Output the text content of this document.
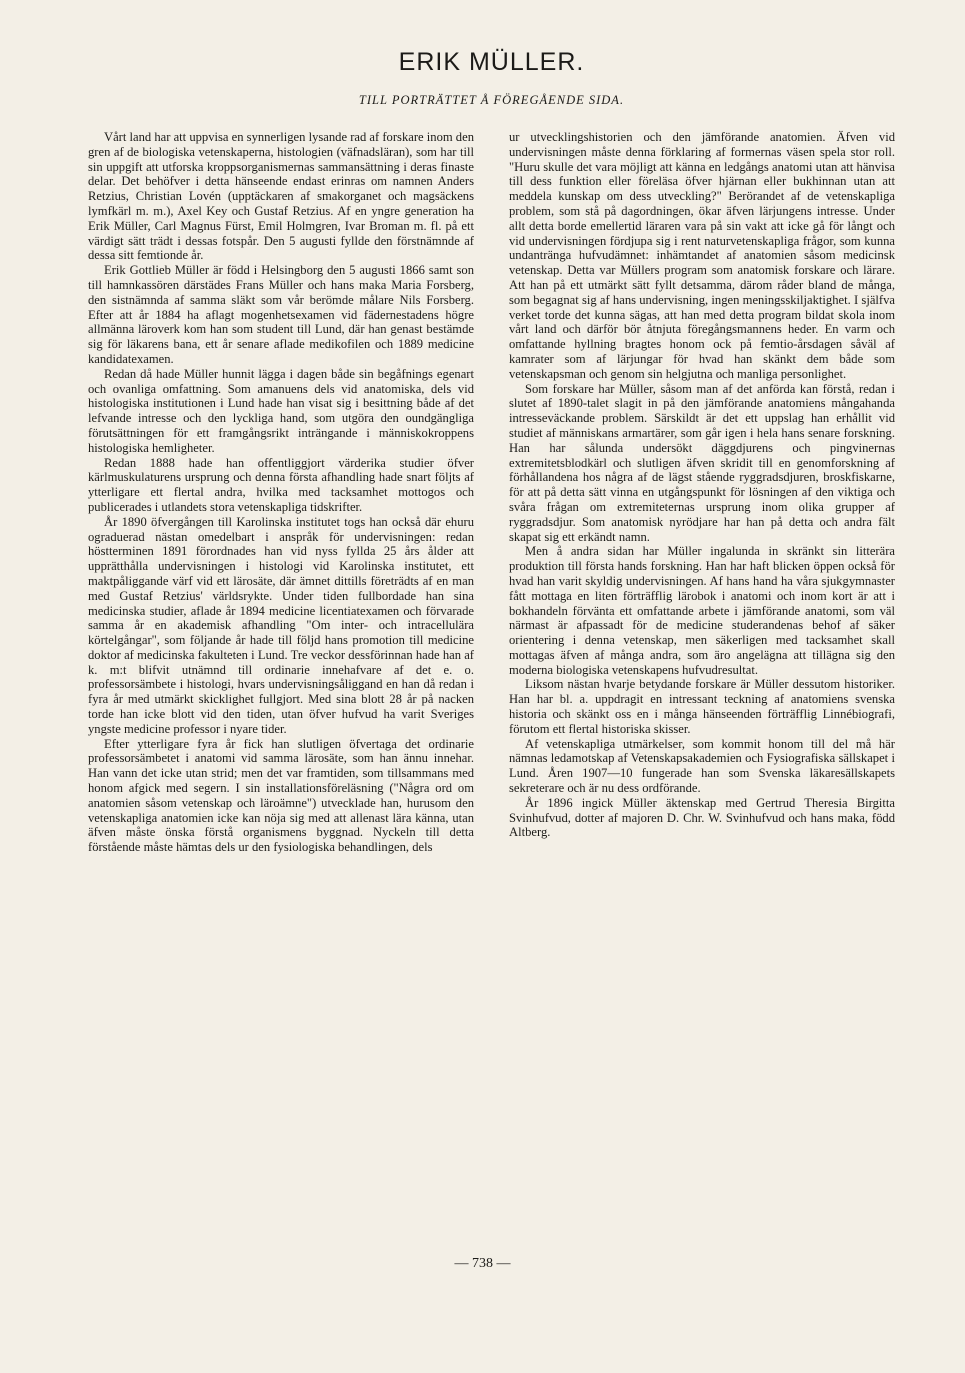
ERIK MÜLLER.
TILL PORTRÄTTET Å FÖREGÅENDE SIDA.

Vårt land har att uppvisa en synnerligen lysande rad af forskare inom den gren af de biologiska vetenskaperna, histologien (väfnadsläran), som har till sin uppgift att utforska kroppsorganismernas sammansättning i deras finaste delar. Det behöfver i detta hänseende endast erinras om namnen Anders Retzius, Christian Lovén (upptäckaren af smakorganet och magsäckens lymfkärl m. m.), Axel Key och Gustaf Retzius. Af en yngre generation ha Erik Müller, Carl Magnus Fürst, Emil Holmgren, Ivar Broman m. fl. på ett värdigt sätt trädt i dessas fotspår. Den 5 augusti fyllde den förstnämnde af dessa sitt femtionde år.

Erik Gottlieb Müller är född i Helsingborg den 5 augusti 1866 samt son till hamnkassören därstädes Frans Müller och hans maka Maria Forsberg, den sistnämnda af samma släkt som vår berömde målare Nils Forsberg. Efter att år 1884 ha aflagt mogenhetsexamen vid fädernestadens högre allmänna läroverk kom han som student till Lund, där han genast bestämde sig för läkarens bana, ett år senare aflade medikofilen och 1889 medicine kandidatexamen.

Redan då hade Müller hunnit lägga i dagen både sin begåfnings egenart och ovanliga omfattning. Som amanuens dels vid anatomiska, dels vid histologiska institutionen i Lund hade han visat sig i besittning både af det lefvande intresse och den lyckliga hand, som utgöra den oundgängliga förutsättningen för ett framgångsrikt inträngande i människokroppens histologiska hemligheter.

Redan 1888 hade han offentliggjort värderika studier öfver kärlmuskulaturens ursprung och denna första afhandling hade snart följts af ytterligare ett flertal andra, hvilka med tacksamhet mottogos och publicerades i utlandets stora vetenskapliga tidskrifter.

År 1890 öfvergången till Karolinska institutet togs han också där ehuru ograduerad nästan omedelbart i anspråk för undervisningen: redan höstterminen 1891 förordnades han vid nyss fyllda 25 års ålder att upprätthålla undervisningen i histologi vid Karolinska institutet, ett maktpåliggande värf vid ett lärosäte, där ämnet dittills företrädts af en man med Gustaf Retzius' världsrykte. Under tiden fullbordade han sina medicinska studier, aflade år 1894 medicine licentiatexamen och förvarade samma år en akademisk afhandling "Om inter- och intracellulära körtelgångar", som följande år hade till följd hans promotion till medicine doktor af medicinska fakulteten i Lund. Tre veckor dessförinnan hade han af k. m:t blifvit utnämnd till ordinarie innehafvare af det e. o. professorsämbete i histologi, hvars undervisningsåliggand en han då redan i fyra år med utmärkt skicklighet fullgjort. Med sina blott 28 år på nacken torde han icke blott vid den tiden, utan öfver hufvud ha varit Sveriges yngste medicine professor i nyare tider.

Efter ytterligare fyra år fick han slutligen öfvertaga det ordinarie professorsämbetet i anatomi vid samma lärosäte, som han ännu innehar. Han vann det icke utan strid; men det var framtiden, som tillsammans med honom afgick med segern. I sin installationsföreläsning ("Några ord om anatomien såsom vetenskap och läroämne") utvecklade han, hurusom den vetenskapliga anatomien icke kan nöja sig med att allenast lära känna, utan äfven måste önska förstå organismens byggnad. Nyckeln till detta förstående måste hämtas dels ur den fysiologiska behandlingen, dels

ur utvecklingshistorien och den jämförande anatomien. Äfven vid undervisningen måste denna förklaring af formernas väsen spela stor roll. "Huru skulle det vara möjligt att känna en ledgångs anatomi utan att hänvisa till dess funktion eller föreläsa öfver hjärnan eller bukhinnan utan att meddela kunskap om dess utveckling?" Berörandet af de vetenskapliga problem, som stå på dagordningen, ökar äfven lärjungens intresse. Under allt detta borde emellertid läraren vara på sin vakt att icke gå för långt och vid undervisningen fördjupa sig i rent naturvetenskapliga frågor, som kunna undantränga hufvudämnet: inhämtandet af anatomien såsom medicinsk vetenskap. Detta var Müllers program som anatomisk forskare och lärare. Att han på ett utmärkt sätt fyllt detsamma, därom råder bland de många, som begagnat sig af hans undervisning, ingen meningsskiljaktighet. I själfva verket torde det kunna sägas, att han med detta program bildat skola inom vårt land och därför bör åtnjuta föregångsmannens heder. En varm och omfattande hyllning bragtes honom ock på femtio-årsdagen såväl af kamrater som af lärjungar för hvad han skänkt dem både som vetenskapsman och genom sin helgjutna och manliga personlighet.

Som forskare har Müller, såsom man af det anförda kan förstå, redan i slutet af 1890-talet slagit in på den jämförande anatomiens mångahanda intresseväckande problem. Särskildt är det ett uppslag han erhållit vid studiet af människans armartärer, som går igen i hela hans senare forskning. Han har sålunda undersökt däggdjurens och pingvinernas extremitetsblodkärl och slutligen äfven skridit till en genomforskning af förhållandena hos några af de lägst stående ryggradsdjuren, broskfiskarne, för att på detta sätt vinna en utgångspunkt för lösningen af den viktiga och svåra frågan om extremiteternas ursprung inom olika grupper af ryggradsdjur. Som anatomisk nyrödjare har han på detta och andra fält skapat sig ett erkändt namn.

Men å andra sidan har Müller ingalunda in skränkt sin litterära produktion till första hands forskning. Han har haft blicken öppen också för hvad han varit skyldig undervisningen. Af hans hand ha våra sjukgymnaster fått mottaga en liten förträfflig lärobok i anatomi och inom kort är att i bokhandeln förvänta ett omfattande arbete i jämförande anatomi, som väl närmast är afpassadt för de medicine studerandenas behof af säker orientering i denna vetenskap, men säkerligen med tacksamhet skall mottagas äfven af många andra, som äro angelägna att tillägna sig den moderna biologiska vetenskapens hufvudresultat.

Liksom nästan hvarje betydande forskare är Müller dessutom historiker. Han har bl. a. uppdragit en intressant teckning af anatomiens svenska historia och skänkt oss en i många hänseenden förträfflig Linnébiografi, förutom ett flertal historiska skisser.

Af vetenskapliga utmärkelser, som kommit honom till del må här nämnas ledamotskap af Vetenskapsakademien och Fysiografiska sällskapet i Lund. Åren 1907—10 fungerade han som Svenska läkaresällskapets sekreterare och är nu dess ordförande.

År 1896 ingick Müller äktenskap med Gertrud Theresia Birgitta Svinhufvud, dotter af majoren D. Chr. W. Svinhufvud och hans maka, född Altberg.

— 738 —
